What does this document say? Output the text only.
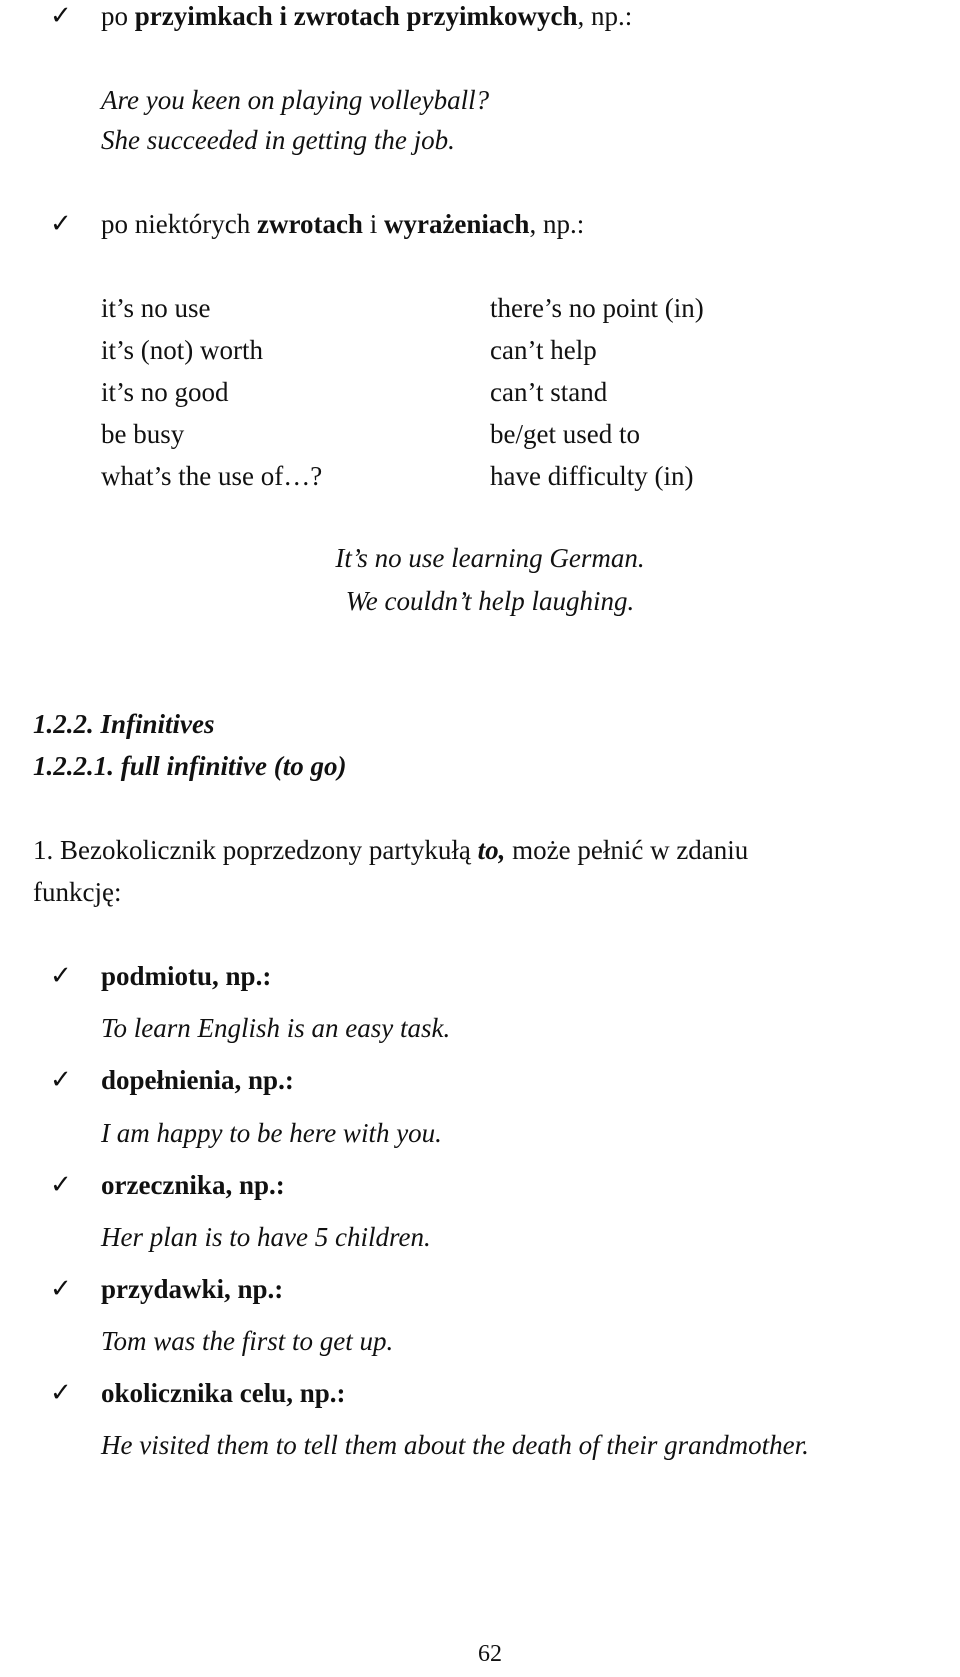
✓ po przyimkach i zwrotach przyimkowych, np.:
Are you keen on playing volleyball?
She succeeded in getting the job.
✓ po niektórych zwrotach i wyrażeniach, np.:
it’s no use
it’s (not) worth
it’s no good
be busy
what’s the use of…?
there’s no point (in)
can’t help
can’t stand
be/get used to
have difficulty (in)
It’s no use learning German.
We couldn’t help laughing.
1.2.2. Infinitives
1.2.2.1. full infinitive (to go)
1. Bezokolicznik poprzedzony partykułą to, może pełnić w zdaniu
funkcję:
✓ podmiotu, np.:
To learn English is an easy task.
✓ dopełnienia, np.:
I am happy to be here with you.
✓ orzecznika, np.:
Her plan is to have 5 children.
✓ przydawki, np.:
Tom was the first to get up.
✓ okolicznika celu, np.:
He visited them to tell them about the death of their grandmother.
62
